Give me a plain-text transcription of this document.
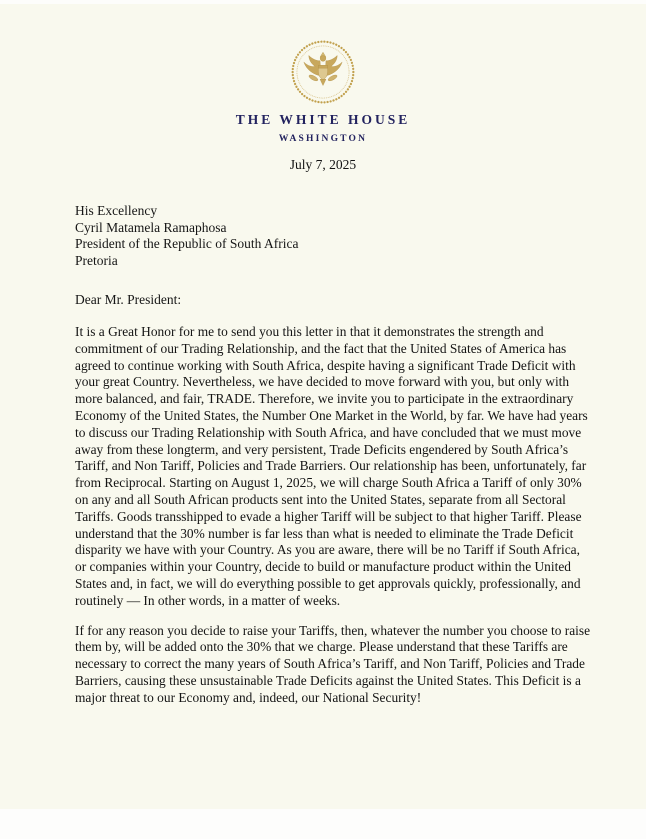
THE WHITE HOUSE
WASHINGTON
July 7, 2025
His Excellency
Cyril Matamela Ramaphosa
President of the Republic of South Africa
Pretoria
Dear Mr. President:

It is a Great Honor for me to send you this letter in that it demonstrates the strength and commitment of our Trading Relationship, and the fact that the United States of America has agreed to continue working with South Africa, despite having a significant Trade Deficit with your great Country. Nevertheless, we have decided to move forward with you, but only with more balanced, and fair, TRADE. Therefore, we invite you to participate in the extraordinary Economy of the United States, the Number One Market in the World, by far. We have had years to discuss our Trading Relationship with South Africa, and have concluded that we must move away from these longterm, and very persistent, Trade Deficits engendered by South Africa’s Tariff, and Non Tariff, Policies and Trade Barriers. Our relationship has been, unfortunately, far from Reciprocal. Starting on August 1, 2025, we will charge South Africa a Tariff of only 30% on any and all South African products sent into the United States, separate from all Sectoral Tariffs. Goods transshipped to evade a higher Tariff will be subject to that higher Tariff. Please understand that the 30% number is far less than what is needed to eliminate the Trade Deficit disparity we have with your Country. As you are aware, there will be no Tariff if South Africa, or companies within your Country, decide to build or manufacture product within the United States and, in fact, we will do everything possible to get approvals quickly, professionally, and routinely — In other words, in a matter of weeks.

If for any reason you decide to raise your Tariffs, then, whatever the number you choose to raise them by, will be added onto the 30% that we charge. Please understand that these Tariffs are necessary to correct the many years of South Africa’s Tariff, and Non Tariff, Policies and Trade Barriers, causing these unsustainable Trade Deficits against the United States. This Deficit is a major threat to our Economy and, indeed, our National Security!
